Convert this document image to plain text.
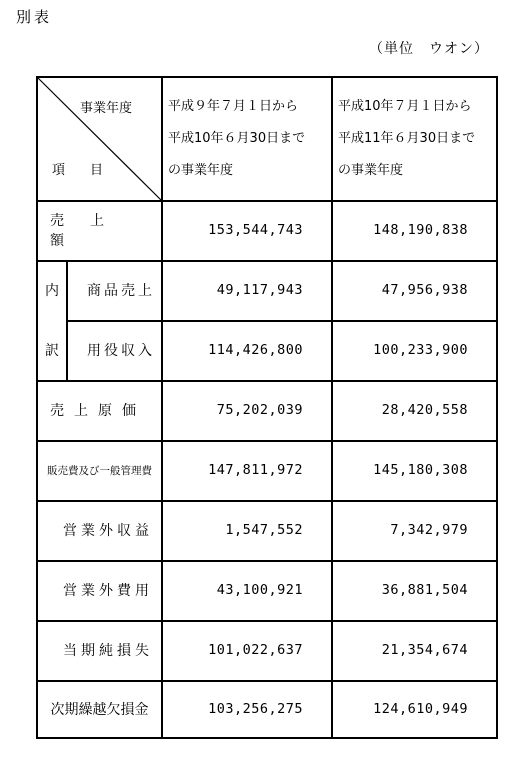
別表
（単位　ウオン）
事業年度
項　目
平成９年７月１日から
平成10年６月30日まで
の事業年度
平成10年７月１日から
平成11年６月30日まで
の事業年度
内
訳
売上額
商品売上
用役収入
売上原価
販売費及び一般管理費
営業外収益
営業外費用
当期純損失
次期繰越欠損金
153,544,743
49,117,943
114,426,800
75,202,039
147,811,972
1,547,552
43,100,921
101,022,637
103,256,275
148,190,838
47,956,938
100,233,900
28,420,558
145,180,308
7,342,979
36,881,504
21,354,674
124,610,949
